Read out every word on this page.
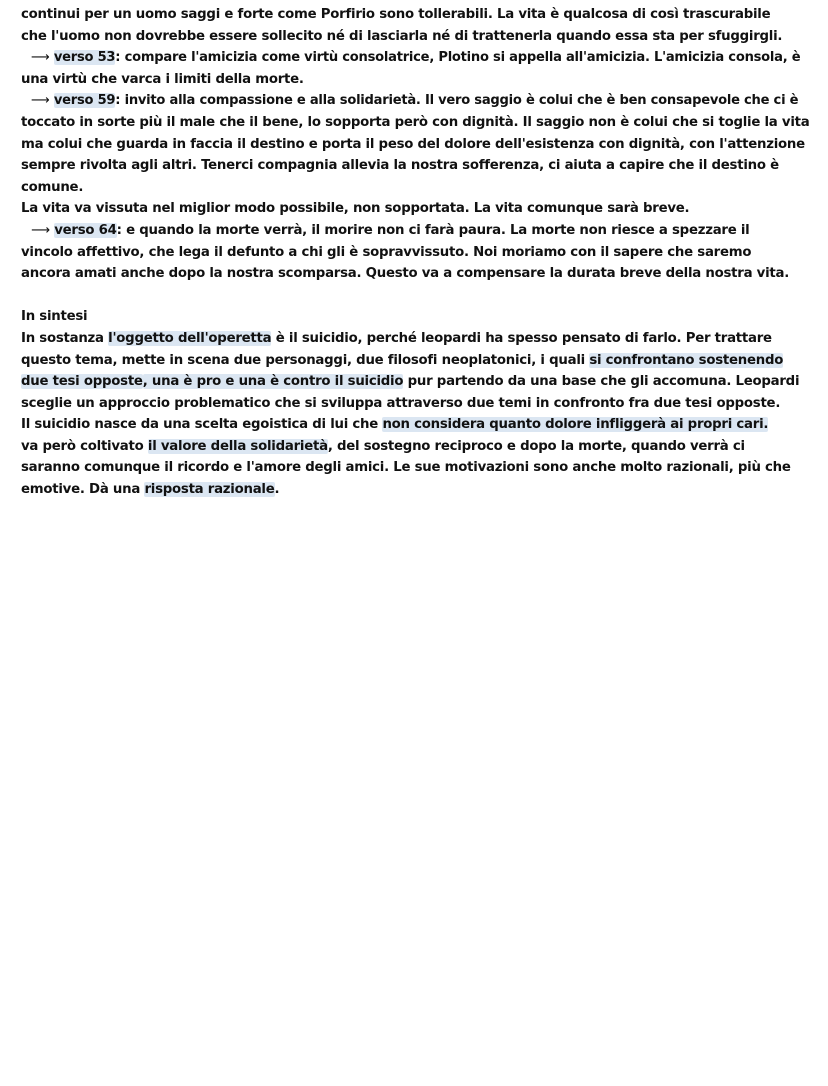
continui per un uomo saggi e forte come Porfirio sono tollerabili. La vita è qualcosa di così trascurabile
che l'uomo non dovrebbe essere sollecito né di lasciarla né di trattenerla quando essa sta per sfuggirgli.
⟶ verso 53: compare l'amicizia come virtù consolatrice, Plotino si appella all'amicizia. L'amicizia consola, è
una virtù che varca i limiti della morte.
⟶ verso 59: invito alla compassione e alla solidarietà. Il vero saggio è colui che è ben consapevole che ci è
toccato in sorte più il male che il bene, lo sopporta però con dignità. Il saggio non è colui che si toglie la vita
ma colui che guarda in faccia il destino e porta il peso del dolore dell'esistenza con dignità, con l'attenzione
sempre rivolta agli altri. Tenerci compagnia allevia la nostra sofferenza, ci aiuta a capire che il destino è
comune.
La vita va vissuta nel miglior modo possibile, non sopportata. La vita comunque sarà breve.
⟶ verso 64: e quando la morte verrà, il morire non ci farà paura. La morte non riesce a spezzare il
vincolo affettivo, che lega il defunto a chi gli è sopravvissuto. Noi moriamo con il sapere che saremo
ancora amati anche dopo la nostra scomparsa. Questo va a compensare la durata breve della nostra vita.
In sintesi
In sostanza l'oggetto dell'operetta è il suicidio, perché leopardi ha spesso pensato di farlo. Per trattare
questo tema, mette in scena due personaggi, due filosofi neoplatonici, i quali si confrontano sostenendo
due tesi opposte, una è pro e una è contro il suicidio pur partendo da una base che gli accomuna. Leopardi
sceglie un approccio problematico che si sviluppa attraverso due temi in confronto fra due tesi opposte.
Il suicidio nasce da una scelta egoistica di lui che non considera quanto dolore infliggerà ai propri cari.
va però coltivato il valore della solidarietà, del sostegno reciproco e dopo la morte, quando verrà ci
saranno comunque il ricordo e l'amore degli amici. Le sue motivazioni sono anche molto razionali, più che
emotive. Dà una risposta razionale.
